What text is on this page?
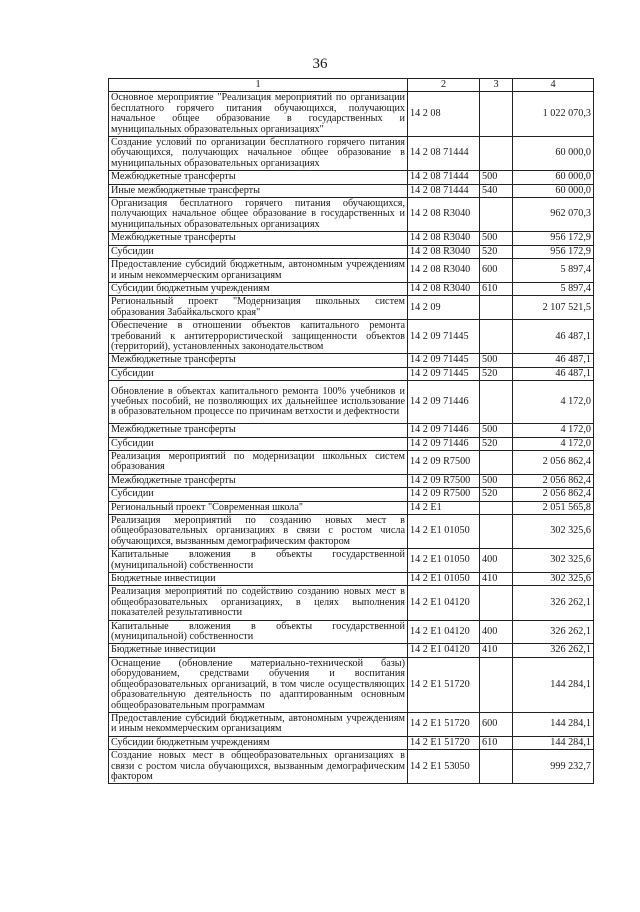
36
1	2	3	4
Основное мероприятие "Реализация мероприятий по организации бесплатного горячего питания обучающихся, получающих начальное общее образование в государственных и муниципальных образовательных организациях"	14 2 08		1 022 070,3
Создание условий по организации бесплатного горячего питания обучающихся, получающих начальное общее образование в муниципальных образовательных организациях	14 2 08 71444		60 000,0
Межбюджетные трансферты	14 2 08 71444	500	60 000,0
Иные межбюджетные трансферты	14 2 08 71444	540	60 000,0
Организация бесплатного горячего питания обучающихся, получающих начальное общее образование в государственных и муниципальных образовательных организациях	14 2 08 R3040		962 070,3
Межбюджетные трансферты	14 2 08 R3040	500	956 172,9
Субсидии	14 2 08 R3040	520	956 172,9
Предоставление субсидий бюджетным, автономным учреждениям и иным некоммерческим организациям	14 2 08 R3040	600	5 897,4
Субсидии бюджетным учреждениям	14 2 08 R3040	610	5 897,4
Региональный проект "Модернизация школьных систем образования Забайкальского края"	14 2 09		2 107 521,5
Обеспечение в отношении объектов капитального ремонта требований к антитеррористической защищенности объектов (территорий), установленных законодательством	14 2 09 71445		46 487,1
Межбюджетные трансферты	14 2 09 71445	500	46 487,1
Субсидии	14 2 09 71445	520	46 487,1
Обновление в объектах капитального ремонта 100% учебников и учебных пособий, не позволяющих их дальнейшее использование в образовательном процессе по причинам ветхости и дефектности	14 2 09 71446		4 172,0
Межбюджетные трансферты	14 2 09 71446	500	4 172,0
Субсидии	14 2 09 71446	520	4 172,0
Реализация мероприятий по модернизации школьных систем образования	14 2 09 R7500		2 056 862,4
Межбюджетные трансферты	14 2 09 R7500	500	2 056 862,4
Субсидии	14 2 09 R7500	520	2 056 862,4
Региональный проект "Современная школа"	14 2 E1		2 051 565,8
Реализация мероприятий по созданию новых мест в общеобразовательных организациях в связи с ростом числа обучающихся, вызванным демографическим фактором	14 2 E1 01050		302 325,6
Капитальные вложения в объекты государственной (муниципальной) собственности	14 2 E1 01050	400	302 325,6
Бюджетные инвестиции	14 2 E1 01050	410	302 325,6
Реализация мероприятий по содействию созданию новых мест в общеобразовательных организациях, в целях выполнения показателей результативности	14 2 E1 04120		326 262,1
Капитальные вложения в объекты государственной (муниципальной) собственности	14 2 E1 04120	400	326 262,1
Бюджетные инвестиции	14 2 E1 04120	410	326 262,1
Оснащение (обновление материально-технической базы) оборудованием, средствами обучения и воспитания общеобразовательных организаций, в том числе осуществляющих образовательную деятельность по адаптированным основным общеобразовательным программам	14 2 E1 51720		144 284,1
Предоставление субсидий бюджетным, автономным учреждениям и иным некоммерческим организациям	14 2 E1 51720	600	144 284,1
Субсидии бюджетным учреждениям	14 2 E1 51720	610	144 284,1
Создание новых мест в общеобразовательных организациях в связи с ростом числа обучающихся, вызванным демографическим фактором	14 2 E1 53050		999 232,7
